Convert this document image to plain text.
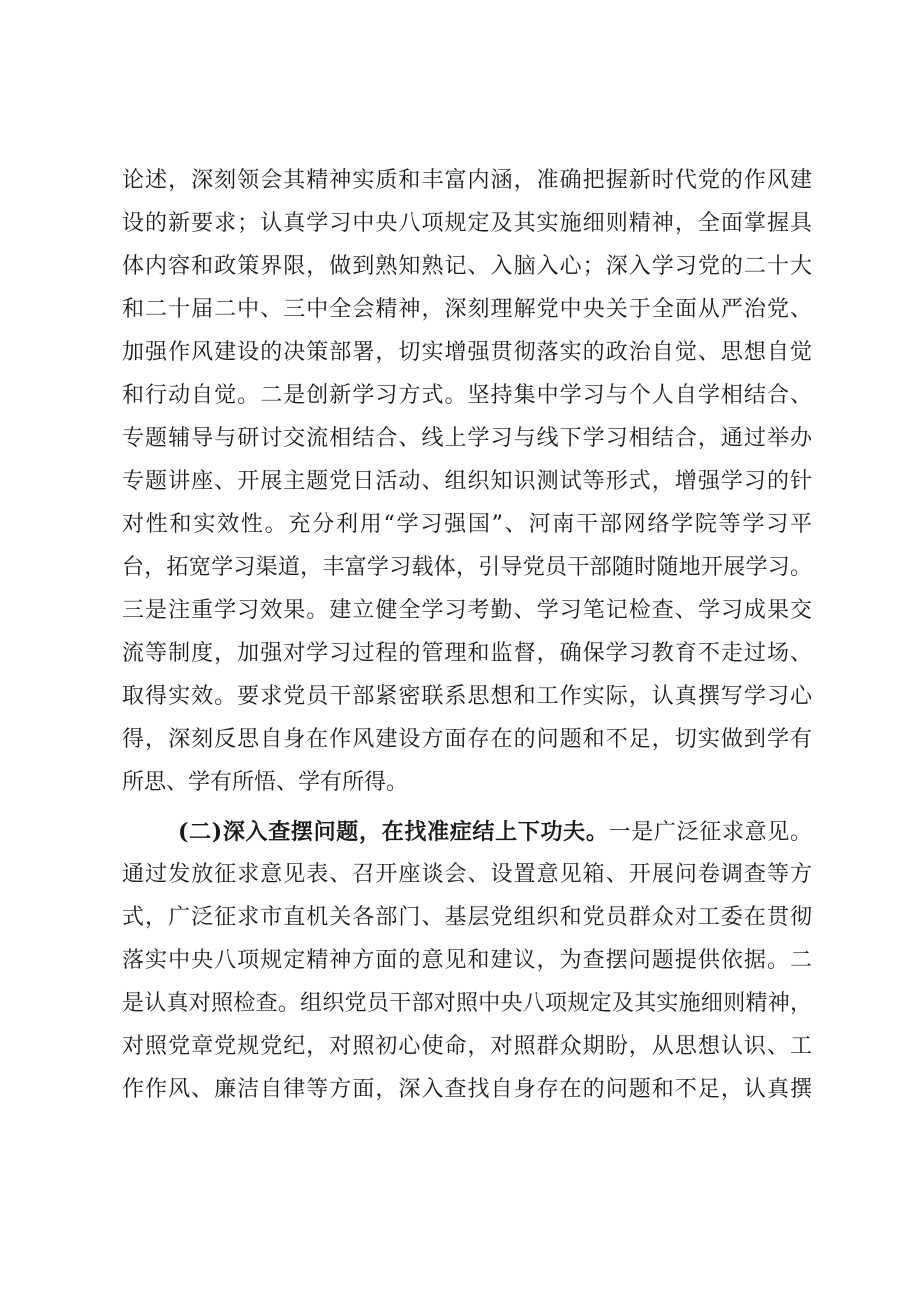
论述，深刻领会其精神实质和丰富内涵，准确把握新时代党的作风建
设的新要求；认真学习中央八项规定及其实施细则精神，全面掌握具
体内容和政策界限，做到熟知熟记、入脑入心；深入学习党的二十大
和二十届二中、三中全会精神，深刻理解党中央关于全面从严治党、
加强作风建设的决策部署，切实增强贯彻落实的政治自觉、思想自觉
和行动自觉。二是创新学习方式。坚持集中学习与个人自学相结合、
专题辅导与研讨交流相结合、线上学习与线下学习相结合，通过举办
专题讲座、开展主题党日活动、组织知识测试等形式，增强学习的针
对性和实效性。充分利用“学习强国”、河南干部网络学院等学习平
台，拓宽学习渠道，丰富学习载体，引导党员干部随时随地开展学习。
三是注重学习效果。建立健全学习考勤、学习笔记检查、学习成果交
流等制度，加强对学习过程的管理和监督，确保学习教育不走过场、
取得实效。要求党员干部紧密联系思想和工作实际，认真撰写学习心
得，深刻反思自身在作风建设方面存在的问题和不足，切实做到学有
所思、学有所悟、学有所得。
(二)深入查摆问题，在找准症结上下功夫。一是广泛征求意见。
通过发放征求意见表、召开座谈会、设置意见箱、开展问卷调查等方
式，广泛征求市直机关各部门、基层党组织和党员群众对工委在贯彻
落实中央八项规定精神方面的意见和建议，为查摆问题提供依据。二
是认真对照检查。组织党员干部对照中央八项规定及其实施细则精神，
对照党章党规党纪，对照初心使命，对照群众期盼，从思想认识、工
作作风、廉洁自律等方面，深入查找自身存在的问题和不足，认真撰
